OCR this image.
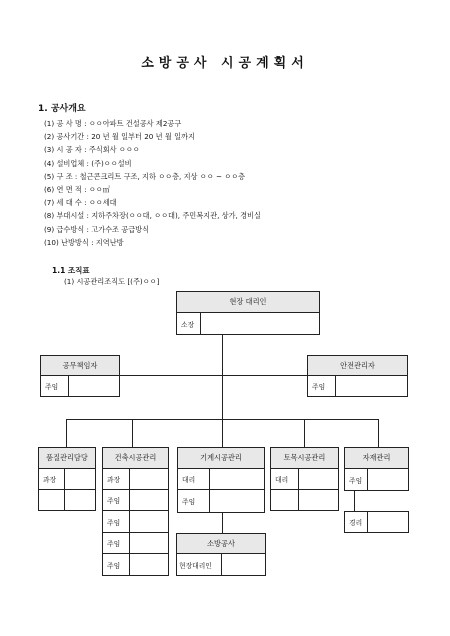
소방공사 시공계획서
1. 공사개요
(1) 공 사 명 : ㅇㅇ아파트 건설공사 제2공구
(2) 공사기간 : 20 년 월 일부터 20 년 월 일까지
(3) 시 공 자 : 주식회사 ㅇㅇㅇ
(4) 설비업체 : (주)ㅇㅇ설비
(5) 구 조 : 철근콘크리트 구조, 지하 ㅇㅇ층, 지상 ㅇㅇ ~ ㅇㅇ층
(6) 연 면 적 : ㅇㅇ㎡
(7) 세 대 수 : ㅇㅇ세대
(8) 부대시설 : 지하주차장(ㅇㅇ대, ㅇㅇ대), 주민복지관, 상가, 경비실
(9) 급수방식 : 고가수조 공급방식
(10) 난방방식 : 지역난방
1.1 조직표
(1) 시공관리조직도 [(주)ㅇㅇ]
현장 대리인
소장
공무책임자
주임
안전관리자
주임
품질관리담당
과장
건축시공관리
과장
주임
주임
주임
주임
기계시공관리
대리
주임
토목시공관리
대리
자재관리
주임
경리
소방공사
현장대리인
